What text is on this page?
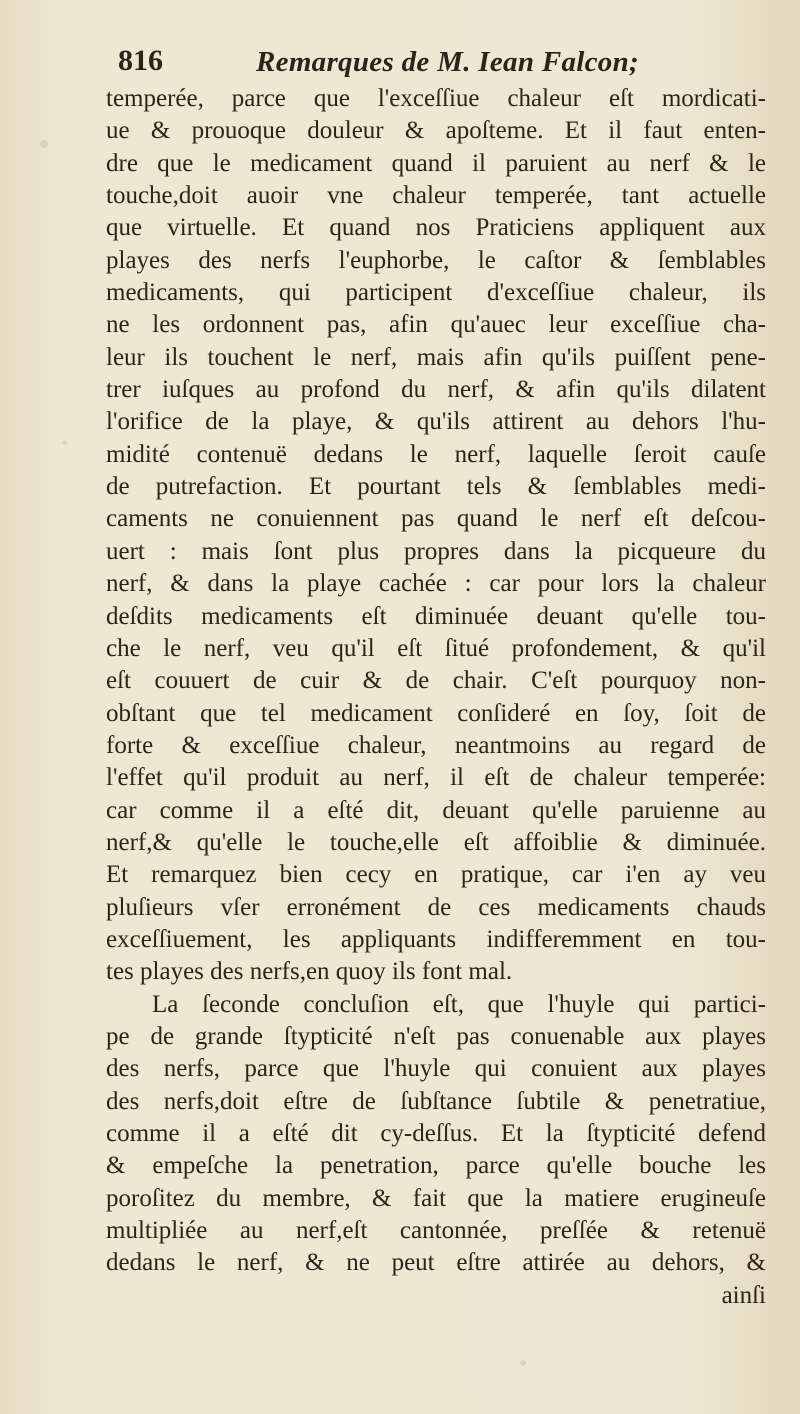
816	Remarques de M. Iean Falcon;
temperée, parce que l'exceſſiue chaleur eſt mordicati-
ue & prouoque douleur & apoſteme. Et il faut enten-
dre que le medicament quand il paruient au nerf & le
touche,doit auoir vne chaleur temperée, tant actuelle
que virtuelle. Et quand nos Praticiens appliquent aux
playes des nerfs l'euphorbe, le caſtor & ſemblables
medicaments, qui participent d'exceſſiue chaleur, ils
ne les ordonnent pas, afin qu'auec leur exceſſiue cha-
leur ils touchent le nerf, mais afin qu'ils puiſſent pene-
trer iuſques au profond du nerf, & afin qu'ils dilatent
l'orifice de la playe, & qu'ils attirent au dehors l'hu-
midité contenuë dedans le nerf, laquelle ſeroit cauſe
de putrefaction. Et pourtant tels & ſemblables medi-
caments ne conuiennent pas quand le nerf eſt deſcou-
uert : mais ſont plus propres dans la picqueure du
nerf, & dans la playe cachée : car pour lors la chaleur
deſdits medicaments eſt diminuée deuant qu'elle tou-
che le nerf, veu qu'il eſt ſitué profondement, & qu'il
eſt couuert de cuir & de chair. C'eſt pourquoy non-
obſtant que tel medicament conſideré en ſoy, ſoit de
forte & exceſſiue chaleur, neantmoins au regard de
l'effet qu'il produit au nerf, il eſt de chaleur temperée:
car comme il a eſté dit, deuant qu'elle paruienne au
nerf,& qu'elle le touche,elle eſt affoiblie & diminuée.
Et remarquez bien cecy en pratique, car i'en ay veu
pluſieurs vſer erronément de ces medicaments chauds
exceſſiuement, les appliquants indifferemment en tou-
tes playes des nerfs,en quoy ils font mal.
La ſeconde concluſion eſt, que l'huyle qui partici-
pe de grande ſtypticité n'eſt pas conuenable aux playes
des nerfs, parce que l'huyle qui conuient aux playes
des nerfs,doit eſtre de ſubſtance ſubtile & penetratiue,
comme il a eſté dit cy-deſſus. Et la ſtypticité defend
& empeſche la penetration, parce qu'elle bouche les
poroſitez du membre, & fait que la matiere erugineuſe
multipliée au nerf,eſt cantonnée, preſſée & retenuë
dedans le nerf, & ne peut eſtre attirée au dehors, &
ainſi
